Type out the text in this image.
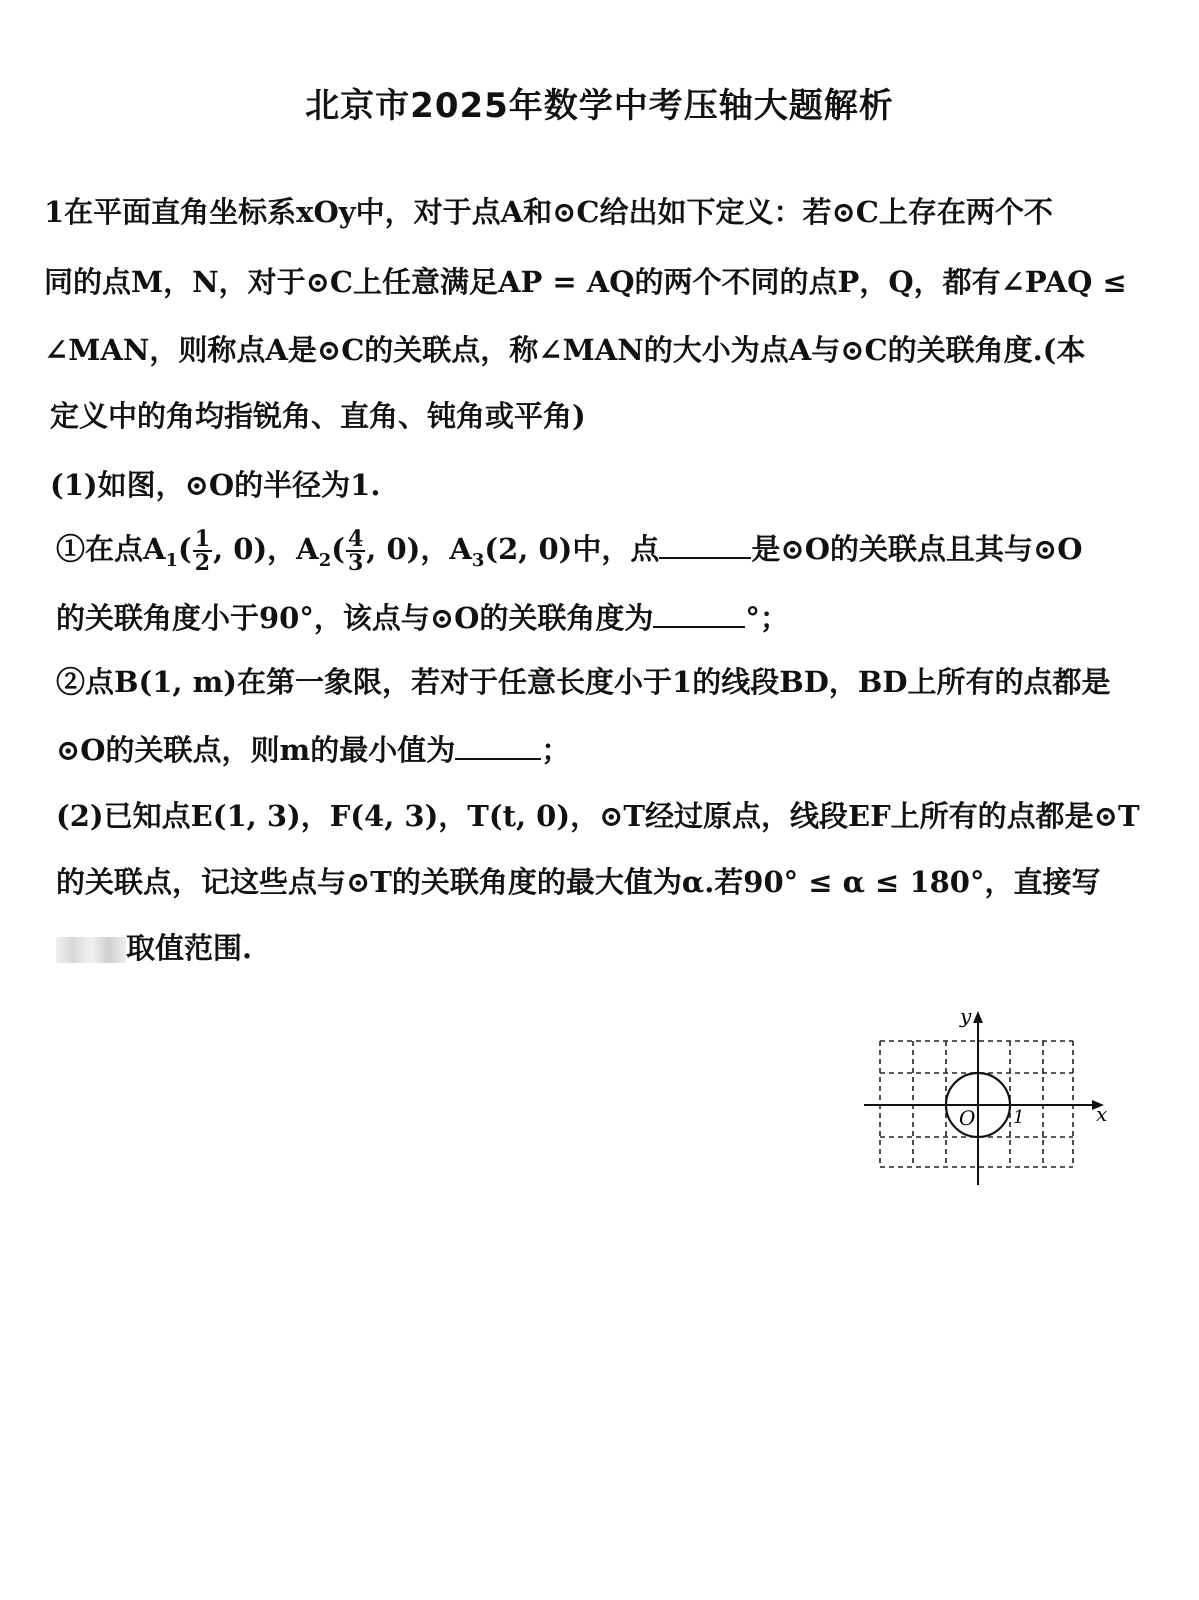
北京市2025年数学中考压轴大题解析
1在平面直角坐标系xOy中，对于点A和⊙C给出如下定义：若⊙C上存在两个不
同的点M，N，对于⊙C上任意满足AP = AQ的两个不同的点P，Q，都有∠PAQ ≤
∠MAN，则称点A是⊙C的关联点，称∠MAN的大小为点A与⊙C的关联角度.(本
定义中的角均指锐角、直角、钝角或平角)
(1)如图，⊙O的半径为1.
①在点$A_1( \frac{1}{2}$ , 0)，$A_2( \frac{4}{3}$ , 0)，$A_3(2$, 0)中，点	是⊙O的关联点且其与⊙O
的关联角度小于90°，该点与⊙O的关联角度为	°；
②点B(1, m)在第一象限，若对于任意长度小于1的线段BD，BD上所有的点都是
⊙O的关联点，则m的最小值为	；
(2)已知点E(1, 3)，F(4, 3)，T(t, 0)，⊙T经过原点，线段EF上所有的点都是⊙T
的关联点，记这些点与⊙T的关联角度的最大值为α.若90° ≤ α ≤ 180°，直接写
取值范围.
x
y
O 1
